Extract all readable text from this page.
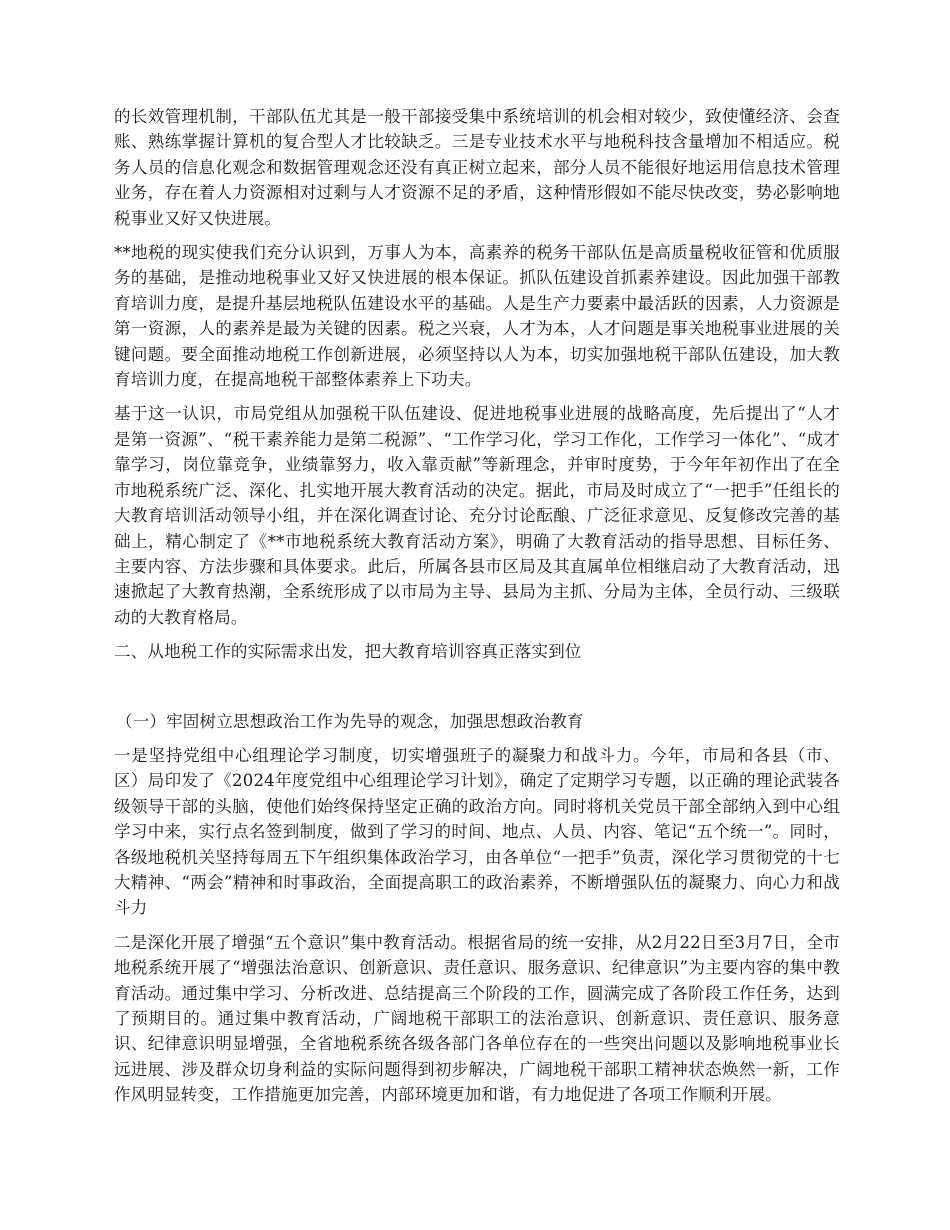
的长效管理机制，干部队伍尤其是一般干部接受集中系统培训的机会相对较少，致使懂经济、会查账、熟练掌握计算机的复合型人才比较缺乏。三是专业技术水平与地税科技含量增加不相适应。税务人员的信息化观念和数据管理观念还没有真正树立起来，部分人员不能很好地运用信息技术管理业务，存在着人力资源相对过剩与人才资源不足的矛盾，这种情形假如不能尽快改变，势必影响地税事业又好又快进展。

**地税的现实使我们充分认识到，万事人为本，高素养的税务干部队伍是高质量税收征管和优质服务的基础，是推动地税事业又好又快进展的根本保证。抓队伍建设首抓素养建设。因此加强干部教育培训力度，是提升基层地税队伍建设水平的基础。人是生产力要素中最活跃的因素，人力资源是第一资源，人的素养是最为关键的因素。税之兴衰，人才为本，人才问题是事关地税事业进展的关键问题。要全面推动地税工作创新进展，必须坚持以人为本，切实加强地税干部队伍建设，加大教育培训力度，在提高地税干部整体素养上下功夫。

基于这一认识，市局党组从加强税干队伍建设、促进地税事业进展的战略高度，先后提出了“人才是第一资源”、“税干素养能力是第二税源”、“工作学习化，学习工作化，工作学习一体化”、“成才靠学习，岗位靠竞争，业绩靠努力，收入靠贡献”等新理念，并审时度势，于今年年初作出了在全市地税系统广泛、深化、扎实地开展大教育活动的决定。据此，市局及时成立了“一把手”任组长的大教育培训活动领导小组，并在深化调查讨论、充分讨论酝酿、广泛征求意见、反复修改完善的基础上，精心制定了《**市地税系统大教育活动方案》，明确了大教育活动的指导思想、目标任务、主要内容、方法步骤和具体要求。此后，所属各县市区局及其直属单位相继启动了大教育活动，迅速掀起了大教育热潮，全系统形成了以市局为主导、县局为主抓、分局为主体，全员行动、三级联动的大教育格局。

二、从地税工作的实际需求出发，把大教育培训容真正落实到位

（一）牢固树立思想政治工作为先导的观念，加强思想政治教育

一是坚持党组中心组理论学习制度，切实增强班子的凝聚力和战斗力。今年，市局和各县（市、区）局印发了《2024年度党组中心组理论学习计划》，确定了定期学习专题，以正确的理论武装各级领导干部的头脑，使他们始终保持坚定正确的政治方向。同时将机关党员干部全部纳入到中心组学习中来，实行点名签到制度，做到了学习的时间、地点、人员、内容、笔记“五个统一”。同时，各级地税机关坚持每周五下午组织集体政治学习，由各单位“一把手”负责，深化学习贯彻党的十七大精神、“两会”精神和时事政治，全面提高职工的政治素养，不断增强队伍的凝聚力、向心力和战斗力

二是深化开展了增强“五个意识”集中教育活动。根据省局的统一安排，从2月22日至3月7日，全市地税系统开展了“增强法治意识、创新意识、责任意识、服务意识、纪律意识”为主要内容的集中教育活动。通过集中学习、分析改进、总结提高三个阶段的工作，圆满完成了各阶段工作任务，达到了预期目的。通过集中教育活动，广阔地税干部职工的法治意识、创新意识、责任意识、服务意识、纪律意识明显增强，全省地税系统各级各部门各单位存在的一些突出问题以及影响地税事业长远进展、涉及群众切身利益的实际问题得到初步解决，广阔地税干部职工精神状态焕然一新，工作作风明显转变，工作措施更加完善，内部环境更加和谐，有力地促进了各项工作顺利开展。
